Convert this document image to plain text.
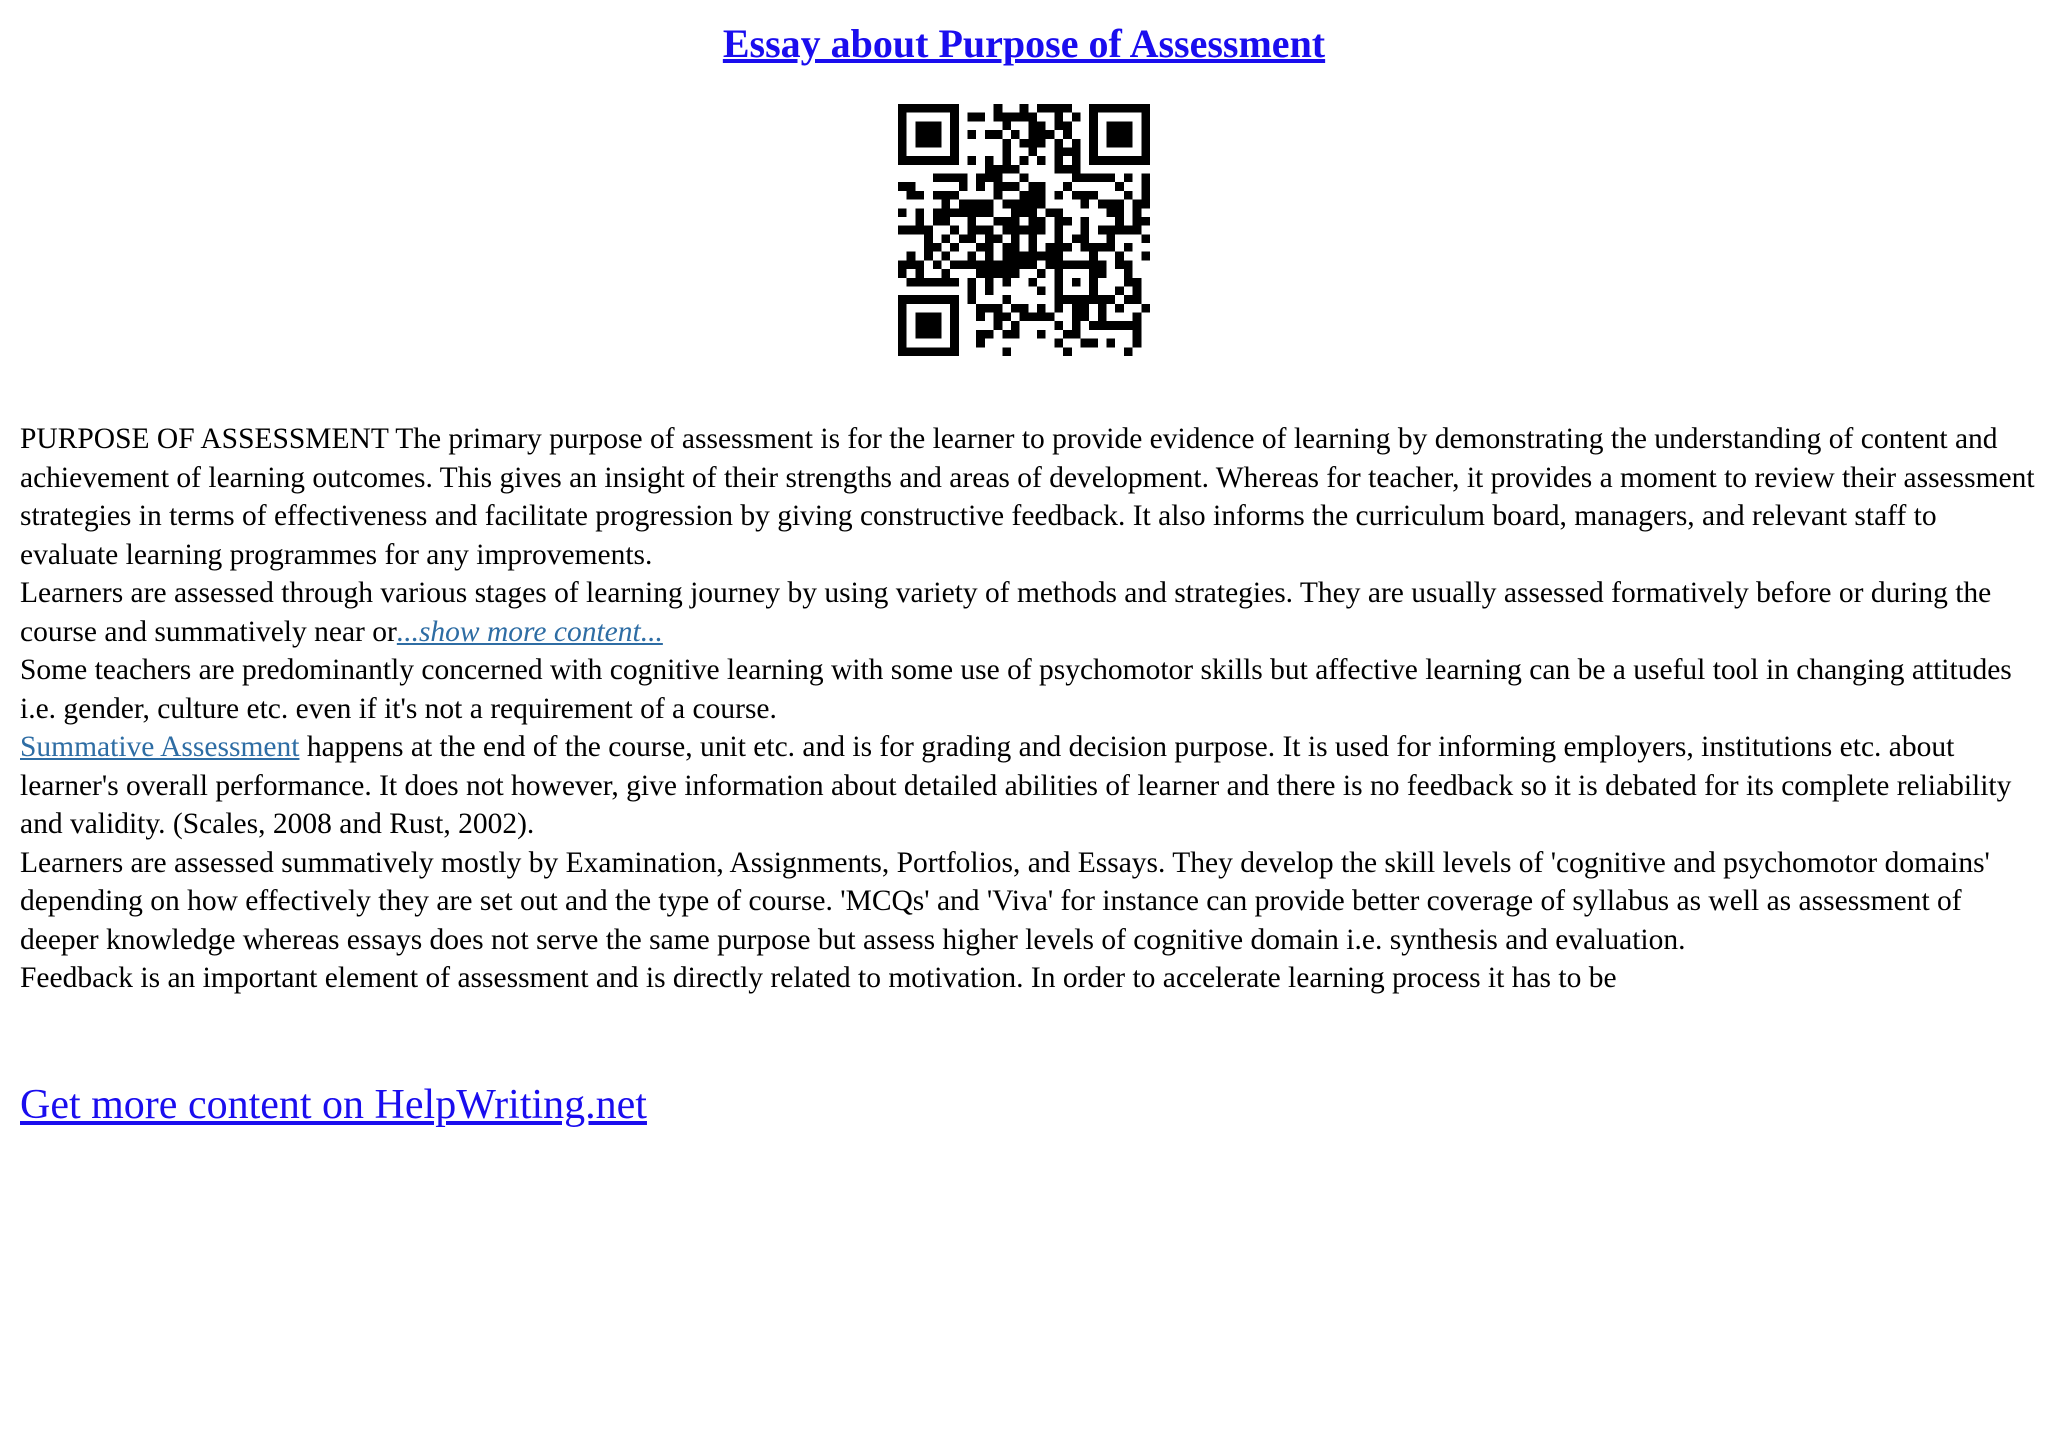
Essay about Purpose of Assessment

PURPOSE OF ASSESSMENT The primary purpose of assessment is for the learner to provide evidence of learning by demonstrating the understanding of content and achievement of learning outcomes. This gives an insight of their strengths and areas of development. Whereas for teacher, it provides a moment to review their assessment strategies in terms of effectiveness and facilitate progression by giving constructive feedback. It also informs the curriculum board, managers, and relevant staff to evaluate learning programmes for any improvements.

Learners are assessed through various stages of learning journey by using variety of methods and strategies. They are usually assessed formatively before or during the course and summatively near or...show more content...

Some teachers are predominantly concerned with cognitive learning with some use of psychomotor skills but affective learning can be a useful tool in changing attitudes i.e. gender, culture etc. even if it's not a requirement of a course.

Summative Assessment happens at the end of the course, unit etc. and is for grading and decision purpose. It is used for informing employers, institutions etc. about learner's overall performance. It does not however, give information about detailed abilities of learner and there is no feedback so it is debated for its complete reliability and validity. (Scales, 2008 and Rust, 2002).

Learners are assessed summatively mostly by Examination, Assignments, Portfolios, and Essays. They develop the skill levels of 'cognitive and psychomotor domains' depending on how effectively they are set out and the type of course. 'MCQs' and 'Viva' for instance can provide better coverage of syllabus as well as assessment of deeper knowledge whereas essays does not serve the same purpose but assess higher levels of cognitive domain i.e. synthesis and evaluation.

Feedback is an important element of assessment and is directly related to motivation. In order to accelerate learning process it has to be

Get more content on HelpWriting.net
